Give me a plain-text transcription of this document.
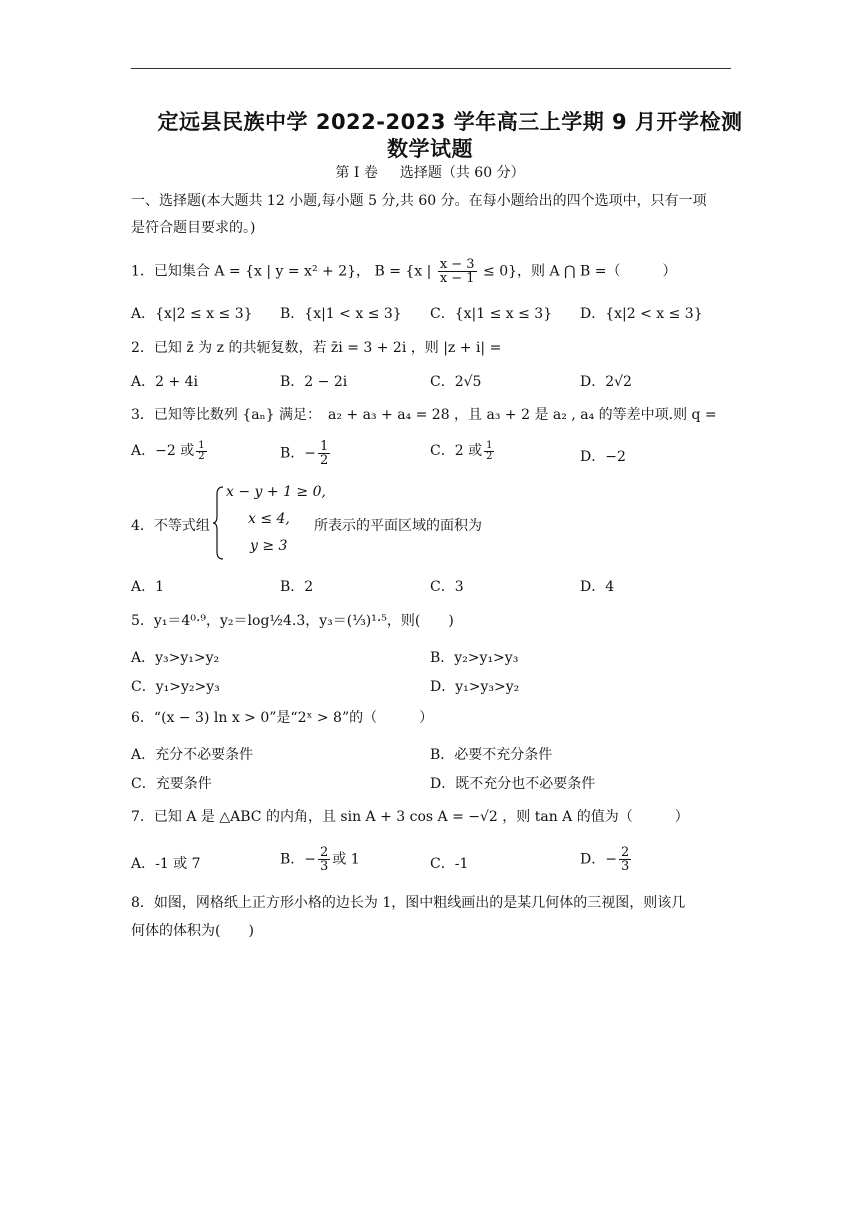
定远县民族中学 2022-2023 学年高三上学期 9 月开学检测
数学试题
第 I 卷 选择题（共 60 分）
一、选择题(本大题共 12 小题,每小题 5 分,共 60 分。在每小题给出的四个选项中，只有一项
是符合题目要求的。)
1．已知集合 A = {x | y = x² + 2}， B = {x | $\frac{x - 3}{x - 1} \le 0$}，则 A ⋂ B =（　　　）
A．{x|2 ≤ x ≤ 3} B．{x|1 < x ≤ 3} C．{x|1 ≤ x ≤ 3} D．{x|2 < x ≤ 3}
2．已知 z̄ 为 z 的共轭复数，若 z̄i = 3 + 2i ，则 |z + i| =
A．2 + 4i	B．2 − 2i	C．2√5	D．2√2
3．已知等比数列 {aₙ} 满足：　a₂ + a₃ + a₄ = 28 ，且 a₃ + 2 是 a₂ , a₄ 的等差中项.则 q =
A．−2 或 $\frac{1}{2}$	B．− $\frac{1}{2}$	C．2 或 $\frac{1}{2}$	D．−2
4．不等式组
x − y + 1 ≥ 0,
x ≤ 4,
y ≥ 3
所表示的平面区域的面积为
A．1	B．2	C．3	D．4
5．y₁＝4⁰·⁹，y₂＝log½4.3，y₃＝(⅓)¹·⁵，则(　　)
A．y₃>y₁>y₂	B．y₂>y₁>y₃
C．y₁>y₂>y₃	D．y₁>y₃>y₂
6．“(x − 3) ln x > 0”是“2ˣ > 8”的（　　　）
A．充分不必要条件	B．必要不充分条件
C．充要条件	D．既不充分也不必要条件
7．已知 A 是 △ABC 的内角，且 sin A + 3 cos A = −√2 ，则 tan A 的值为（　　　）
A．-1 或 7	B．− $\frac{2}{3}$ 或 1	C．-1	D．− $\frac{2}{3}$
8．如图，网格纸上正方形小格的边长为 1，图中粗线画出的是某几何体的三视图，则该几
何体的体积为(　　)
